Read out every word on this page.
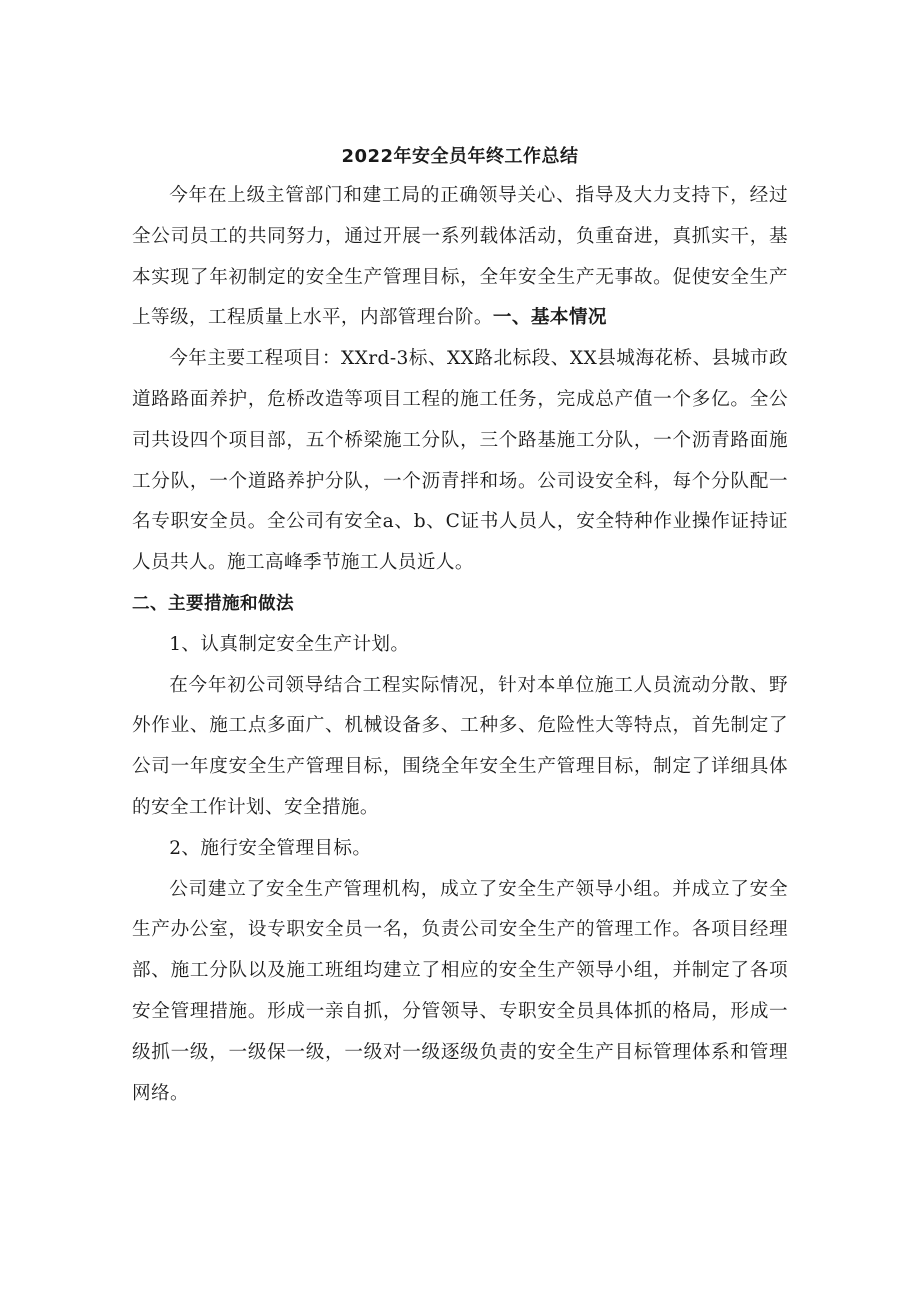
2022年安全员年终工作总结

今年在上级主管部门和建工局的正确领导关心、指导及大力支持下，经过全公司员工的共同努力，通过开展一系列载体活动，负重奋进，真抓实干，基本实现了年初制定的安全生产管理目标，全年安全生产无事故。促使安全生产上等级，工程质量上水平，内部管理台阶。一、基本情况

今年主要工程项目：XXrd-3标、XX路北标段、XX县城海花桥、县城市政道路路面养护，危桥改造等项目工程的施工任务，完成总产值一个多亿。全公司共设四个项目部，五个桥梁施工分队，三个路基施工分队，一个沥青路面施工分队，一个道路养护分队，一个沥青拌和场。公司设安全科，每个分队配一名专职安全员。全公司有安全a、b、C证书人员人，安全特种作业操作证持证人员共人。施工高峰季节施工人员近人。

二、主要措施和做法

1、认真制定安全生产计划。

在今年初公司领导结合工程实际情况，针对本单位施工人员流动分散、野外作业、施工点多面广、机械设备多、工种多、危险性大等特点，首先制定了公司一年度安全生产管理目标，围绕全年安全生产管理目标，制定了详细具体的安全工作计划、安全措施。

2、施行安全管理目标。

公司建立了安全生产管理机构，成立了安全生产领导小组。并成立了安全生产办公室，设专职安全员一名，负责公司安全生产的管理工作。各项目经理部、施工分队以及施工班组均建立了相应的安全生产领导小组，并制定了各项安全管理措施。形成一亲自抓，分管领导、专职安全员具体抓的格局，形成一级抓一级，一级保一级，一级对一级逐级负责的安全生产目标管理体系和管理网络。
